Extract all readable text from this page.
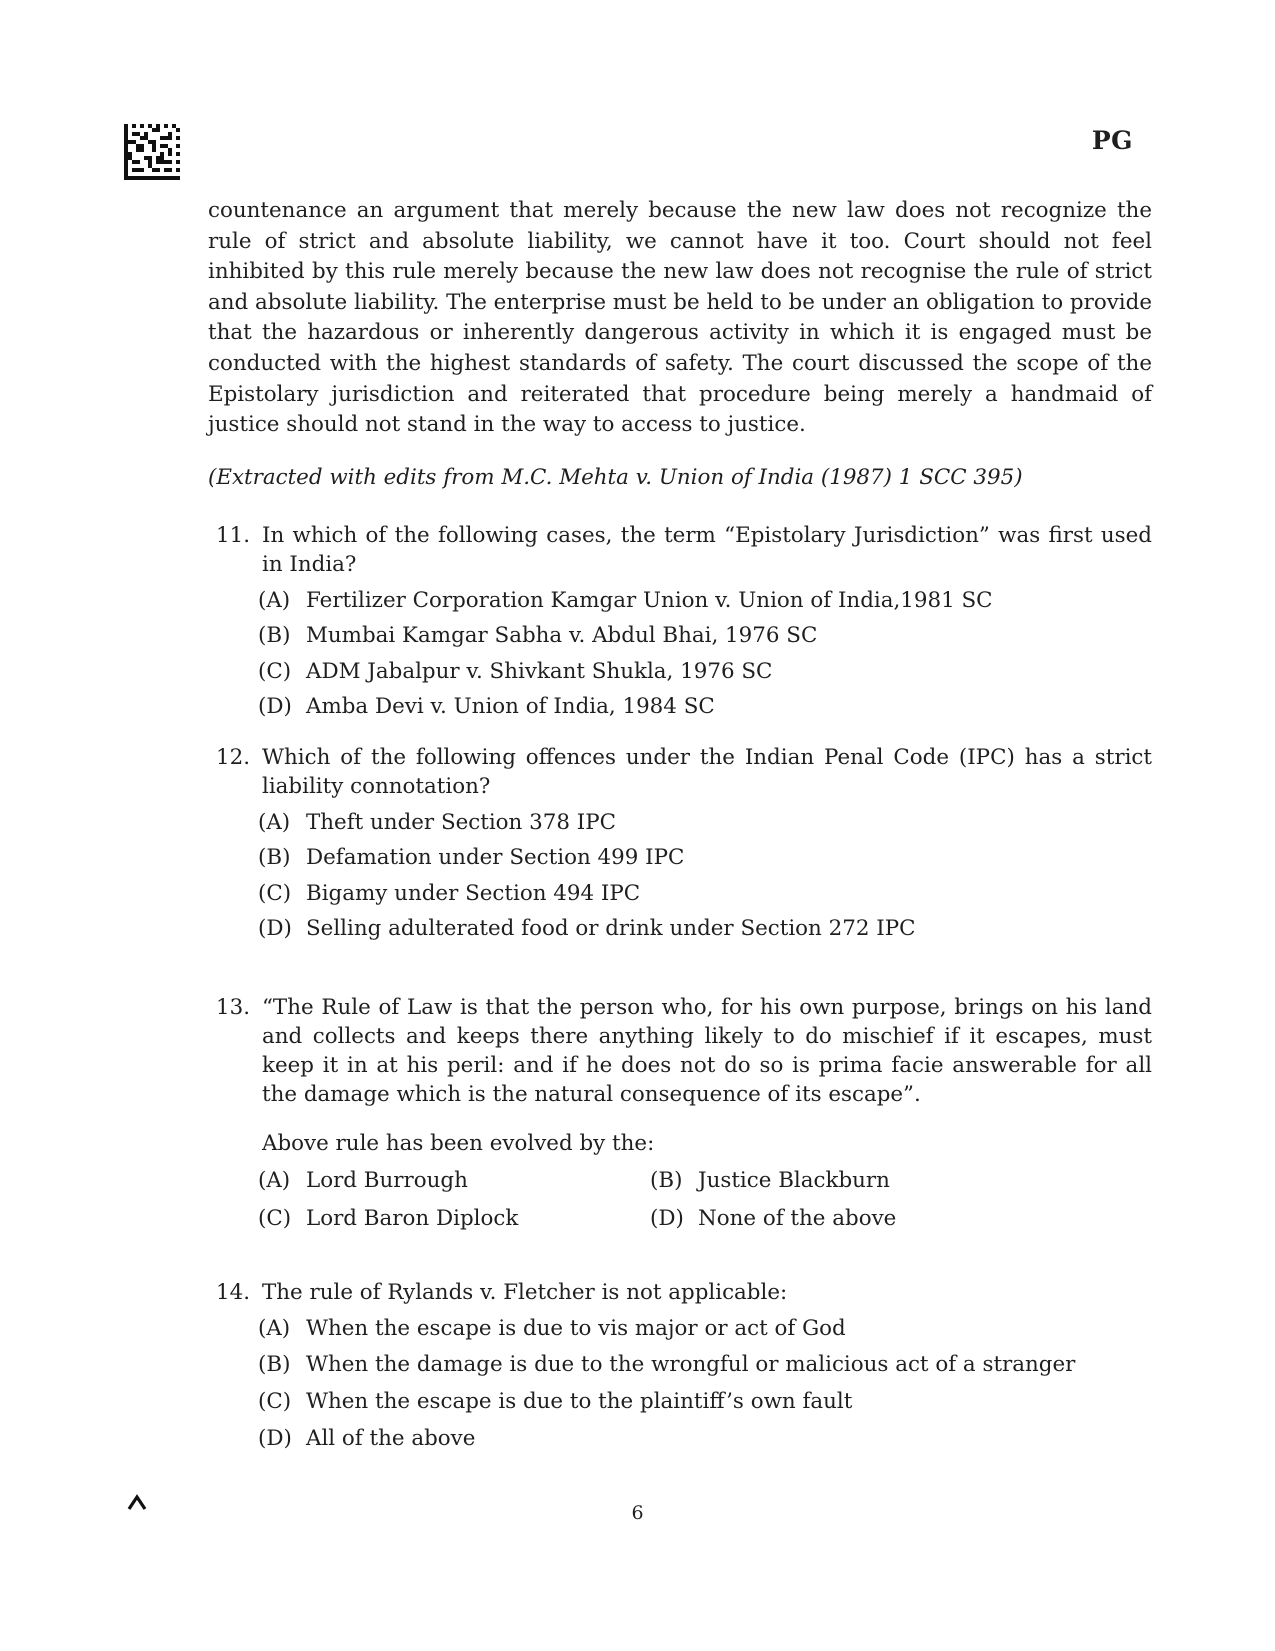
PG

countenance an argument that merely because the new law does not recognize the rule of strict and absolute liability, we cannot have it too. Court should not feel inhibited by this rule merely because the new law does not recognise the rule of strict and absolute liability. The enterprise must be held to be under an obligation to provide that the hazardous or inherently dangerous activity in which it is engaged must be conducted with the highest standards of safety. The court discussed the scope of the Epistolary jurisdiction and reiterated that procedure being merely a handmaid of justice should not stand in the way to access to justice.

(Extracted with edits from M.C. Mehta v. Union of India (1987) 1 SCC 395)

11. In which of the following cases, the term “Epistolary Jurisdiction” was first used in India?

(A) Fertilizer Corporation Kamgar Union v. Union of India,1981 SC
(B) Mumbai Kamgar Sabha v. Abdul Bhai, 1976 SC
(C) ADM Jabalpur v. Shivkant Shukla, 1976 SC
(D) Amba Devi v. Union of India, 1984 SC
12. Which of the following offences under the Indian Penal Code (IPC) has a strict liability connotation?

(A) Theft under Section 378 IPC
(B) Defamation under Section 499 IPC
(C) Bigamy under Section 494 IPC
(D) Selling adulterated food or drink under Section 272 IPC
13. “The Rule of Law is that the person who, for his own purpose, brings on his land and collects and keeps there anything likely to do mischief if it escapes, must keep it in at his peril: and if he does not do so is prima facie answerable for all the damage which is the natural consequence of its escape”.

Above rule has been evolved by the:

(A) Lord Burrough	(B) Justice Blackburn
(C) Lord Baron Diplock	(D) None of the above
14. The rule of Rylands v. Fletcher is not applicable:

(A) When the escape is due to vis major or act of God
(B) When the damage is due to the wrongful or malicious act of a stranger
(C) When the escape is due to the plaintiff’s own fault
(D) All of the above
6
